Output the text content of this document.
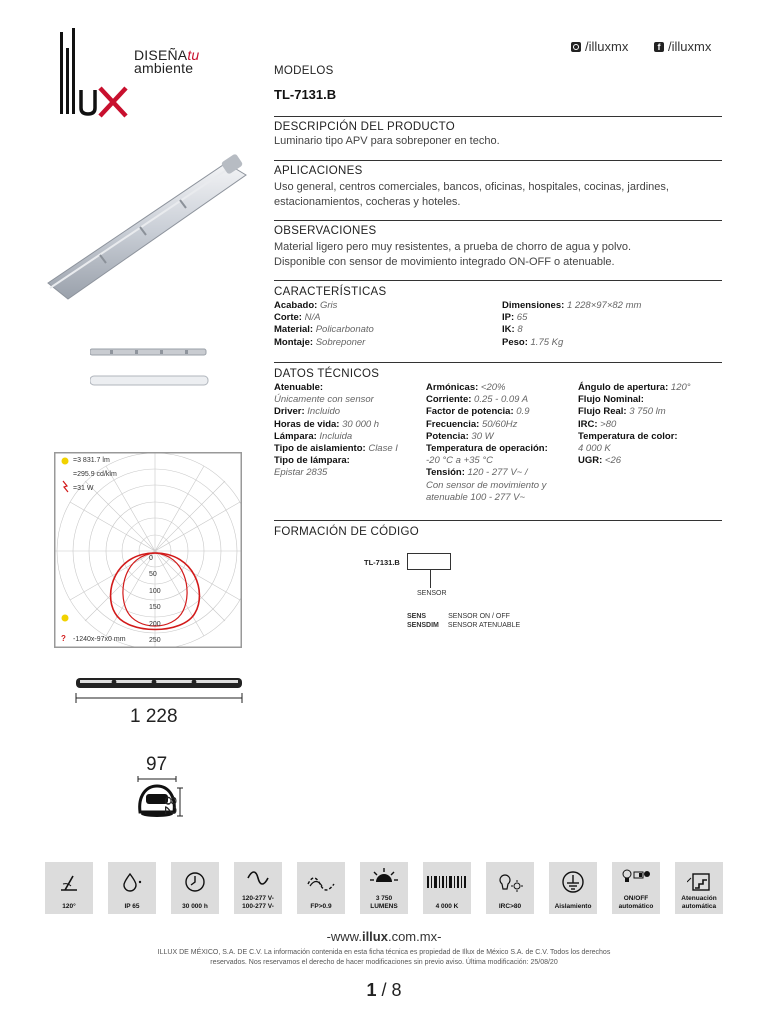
DISEÑAtu
ambiente
/illuxmx	f /illuxmx
?
=3 831.7 lm
=295.9 cd/klm
=31 W
-1240x-97x0 mm
0
50
100
150
200
250
1 228
97
82
MODELOS
TL-7131.B
DESCRIPCIÓN DEL PRODUCTO
Luminario tipo APV para sobreponer en techo.
APLICACIONES
Uso general, centros comerciales, bancos, oficinas, hospitales, cocinas, jardines,
estacionamientos, cocheras y hoteles.
OBSERVACIONES
Material ligero pero muy resistentes, a prueba de chorro de agua y polvo.
Disponible con sensor de movimiento integrado ON-OFF o atenuable.
CARACTERÍSTICAS
Acabado: Gris
Corte: N/A
Material: Policarbonato
Montaje: Sobreponer
Dimensiones: 1 228×97×82 mm
IP: 65
IK: 8
Peso: 1.75 Kg
DATOS TÉCNICOS
Atenuable:
Únicamente con sensor
Driver: Incluido
Horas de vida: 30 000 h
Lámpara: Incluida
Tipo de aislamiento: Clase I
Tipo de lámpara:
Epistar 2835
Armónicas: <20%
Corriente: 0.25 - 0.09 A
Factor de potencia: 0.9
Frecuencia: 50/60Hz
Potencia: 30 W
Temperatura de operación:
-20 °C a +35 °C
Tensión: 120 - 277 V~ /
Con sensor de movimiento y
atenuable 100 - 277 V~
Ángulo de apertura: 120°
Flujo Nominal:
Flujo Real: 3 750 lm
IRC: >80
Temperatura de color:
4 000 K
UGR: <26
FORMACIÓN DE CÓDIGO
TL-7131.B
SENSOR
SENS	SENSOR ON / OFF
SENSDIM SENSOR ATENUABLE
120°	IP 65	30 000 h
120-277 V-
100-277 V-	FP>0.9
3 750
LUMENS	4 000 K	IRC>80	Aislamiento
ON/OFF
automático
Atenuación
automática
-www.illux.com.mx-
ILLUX DE MÉXICO, S.A. DE C.V. La información contenida en esta ficha técnica es propiedad de Illux de México S.A. de C.V. Todos los derechos
reservados. Nos reservamos el derecho de hacer modificaciones sin previo aviso. Última modificación: 25/08/20
1 / 8
